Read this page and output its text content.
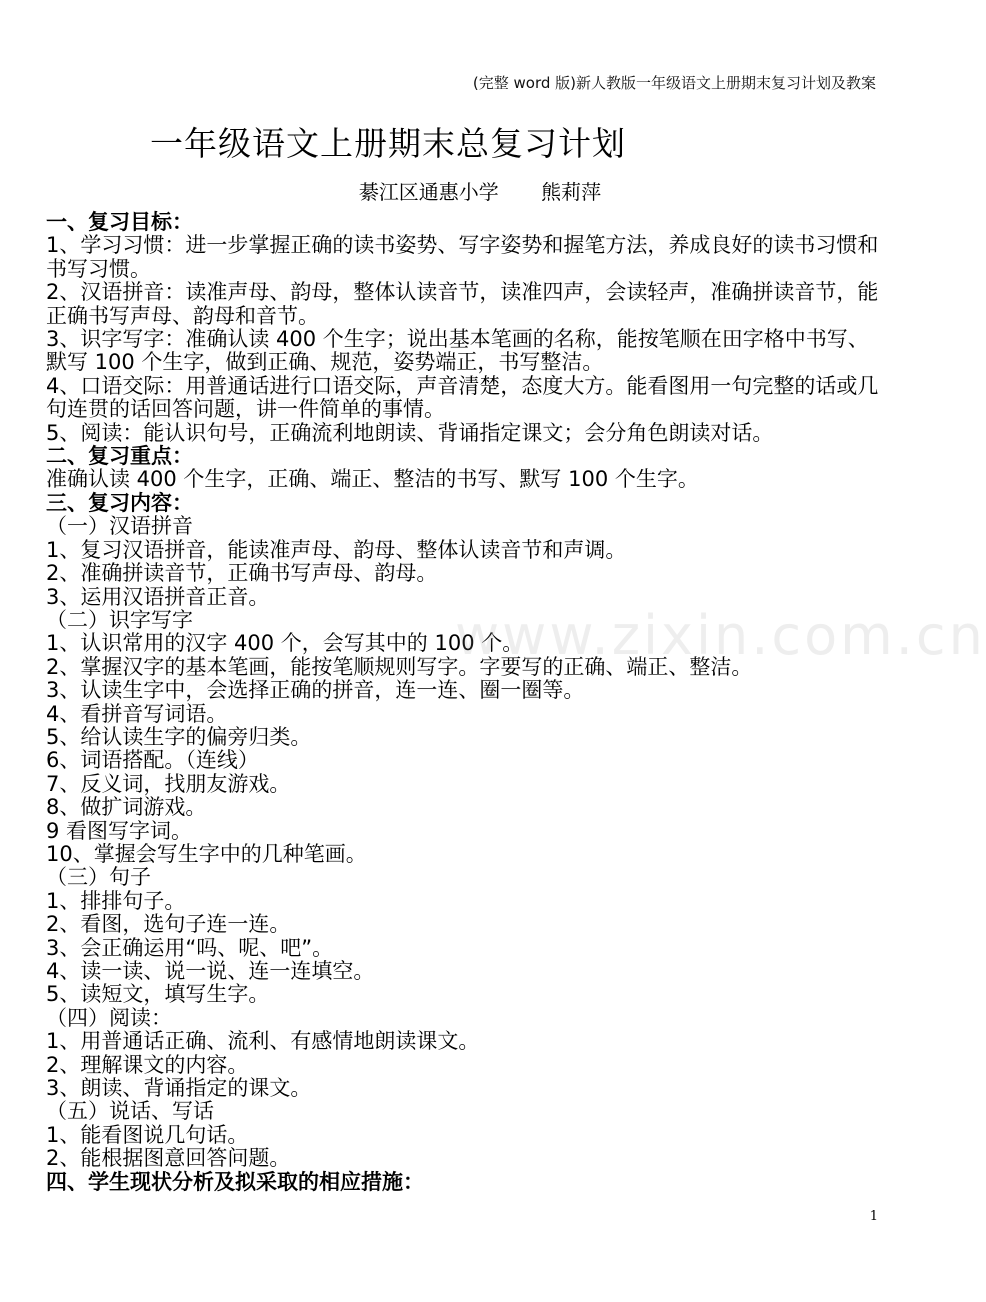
(完整 word 版)新人教版一年级语文上册期末复习计划及教案
一年级语文上册期末总复习计划
綦江区通惠小学 熊莉萍

一、复习目标：

1、学习习惯：进一步掌握正确的读书姿势、写字姿势和握笔方法，养成良好的读书习惯和书写习惯。

2、汉语拼音：读准声母、韵母，整体认读音节，读准四声，会读轻声，准确拼读音节，能正确书写声母、韵母和音节。

3、识字写字：准确认读 400 个生字；说出基本笔画的名称，能按笔顺在田字格中书写、默写 100 个生字，做到正确、规范，姿势端正，书写整洁。

4、口语交际：用普通话进行口语交际，声音清楚，态度大方。能看图用一句完整的话或几句连贯的话回答问题，讲一件简单的事情。

5、阅读：能认识句号，正确流利地朗读、背诵指定课文；会分角色朗读对话。

二、复习重点：

准确认读 400 个生字，正确、端正、整洁的书写、默写 100 个生字。

三、复习内容：

（一）汉语拼音

1、复习汉语拼音，能读准声母、韵母、整体认读音节和声调。

2、准确拼读音节，正确书写声母、韵母。

3、运用汉语拼音正音。

（二）识字写字

1、认识常用的汉字 400 个，会写其中的 100 个。

2、掌握汉字的基本笔画，能按笔顺规则写字。字要写的正确、端正、整洁。

3、认读生字中，会选择正确的拼音，连一连、圈一圈等。

4、看拼音写词语。

5、给认读生字的偏旁归类。

6、词语搭配。（连线）

7、反义词，找朋友游戏。

8、做扩词游戏。

9 看图写字词。

10、掌握会写生字中的几种笔画。

（三）句子

1、排排句子。

2、看图，选句子连一连。

3、会正确运用“吗、呢、吧”。

4、读一读、说一说、连一连填空。

5、读短文，填写生字。

（四）阅读：

1、用普通话正确、流利、有感情地朗读课文。

2、理解课文的内容。

3、朗读、背诵指定的课文。

（五）说话、写话

1、能看图说几句话。

2、能根据图意回答问题。

四、学生现状分析及拟采取的相应措施：

www.zixin.com.cn
1
